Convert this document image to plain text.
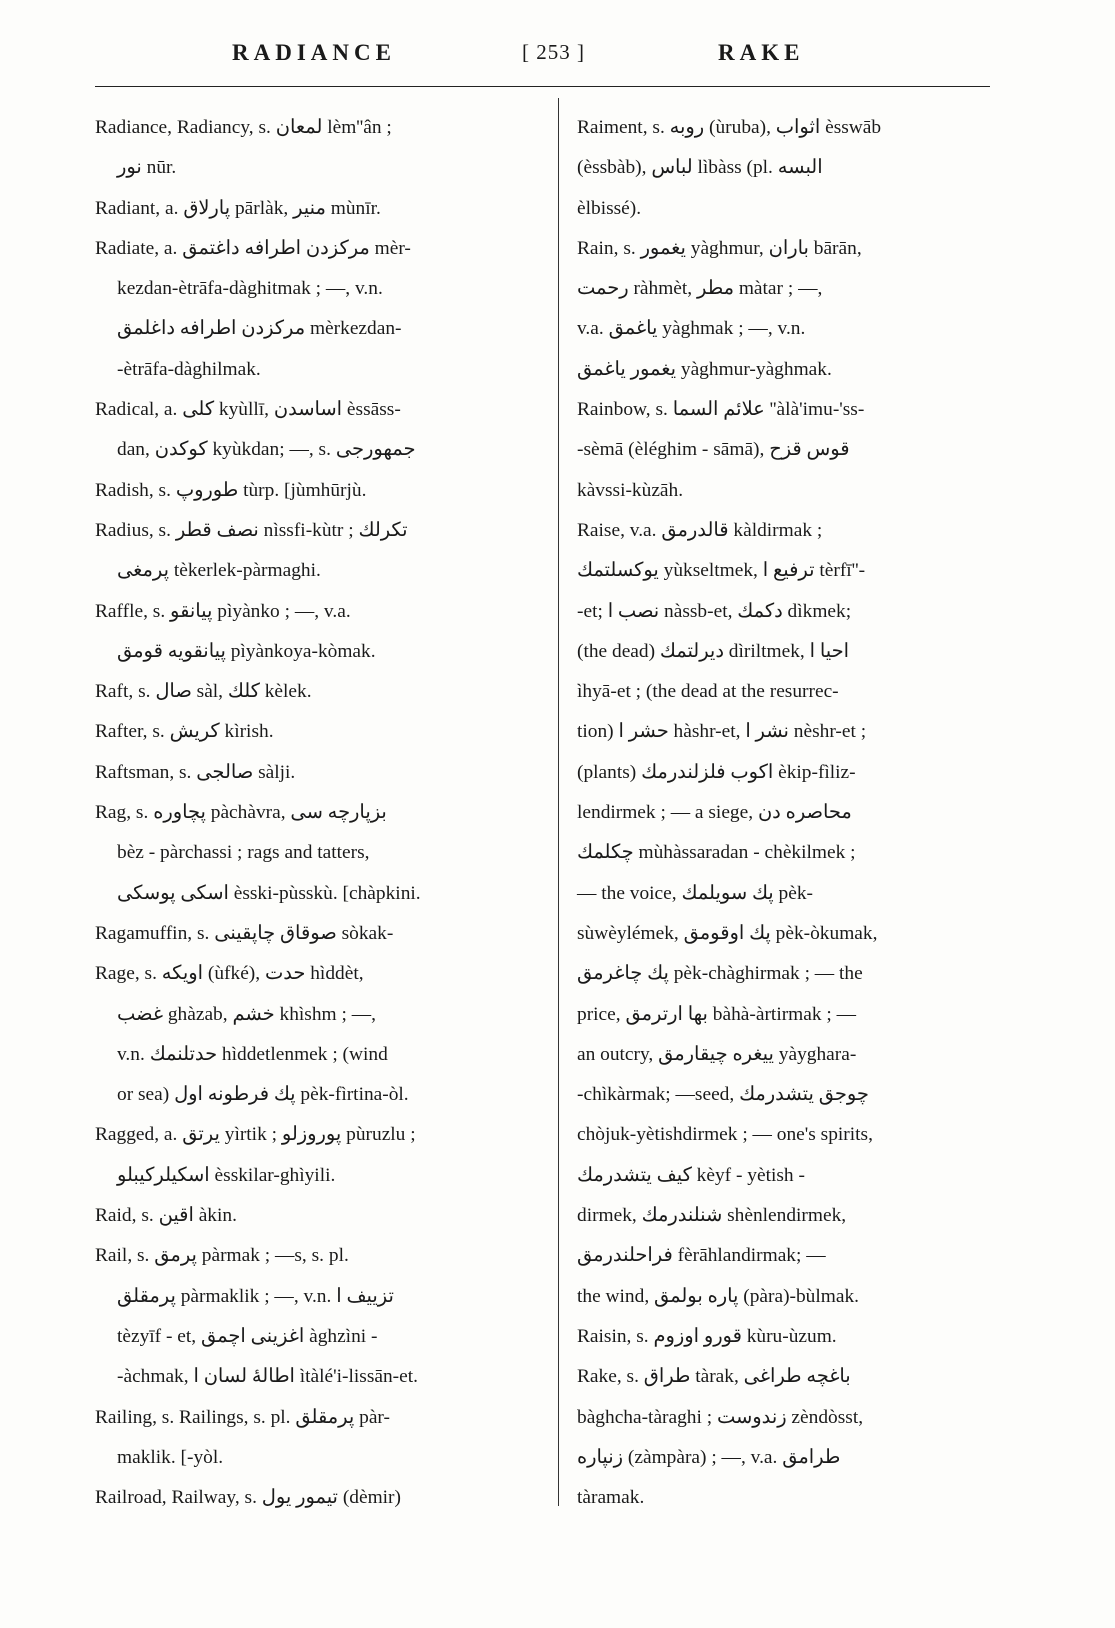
RADIANCE	[ 253 ]	RAKE
Radiance, Radiancy, s. لمعان lèm''ân ;
نور nūr.
Radiant, a. پارلاق pārlàk, منير mùnīr.
Radiate, a. مركزدن اطرافه داغتمق mèr-
kezdan-ètrāfa-dàghitmak ; —, v.n.
مركزدن اطرافه داغلمق mèrkezdan-
-ètrāfa-dàghilmak.
Radical, a. كلى kyùllī, اساسدن èssāss-
dan, كوكدن kyùkdan; —, s. جمهورجى
Radish, s. طوروپ tùrp. [jùmhūrjù.
Radius, s. نصف قطر nìssfi-kùtr ; تكرلك
پرمغى tèkerlek-pàrmaghi.
Raffle, s. پيانقو pìyànko ; —, v.a.
پيانقويه قومق pìyànkoya-kòmak.
Raft, s. صال sàl, كلك kèlek.
Rafter, s. كريش kìrish.
Raftsman, s. صالجى sàlji.
Rag, s. پچاوره pàchàvra, بزپارچه سى
bèz - pàrchassi ; rags and tatters,
اسكى پوسكى èsski-pùsskù. [chàpkini.
Ragamuffin, s. صوقاق چاپقينى sòkak-
Rage, s. اويكه (ùfké), حدت hìddèt,
غضب ghàzab, خشم khìshm ; —,
v.n. حدتلنمك hìddetlenmek ; (wind
or sea) پك فرطونه اول pèk-fìrtina-òl.
Ragged, a. يرتق yìrtik ; پوروزلو pùruzlu ;
اسكيلركيبلو èsskilar-ghìyili.
Raid, s. اقين àkin.
Rail, s. پرمق pàrmak ; —s, s. pl.
پرمقلق pàrmaklik ; —, v.n. تزييف ا
tèzyīf - et, اغزينى اچمق àghzìni -
-àchmak, اطالهٔ لسان ا ìtàlé'i-lissān-et.
Railing, s. Railings, s. pl. پرمقلق pàr-
maklik. [-yòl.
Railroad, Railway, s. تيمور يول (dèmir)
Raiment, s. روبه (ùruba), اثواب èsswāb
(èssbàb), لباس lìbàss (pl. البسه
èlbissé).
Rain, s. يغمور yàghmur, باران bārān,
رحمت ràhmèt, مطر màtar ; —,
v.a. ياغمق yàghmak ; —, v.n.
يغمور ياغمق yàghmur-yàghmak.
Rainbow, s. علائم السما ''àlà'imu-'ss-
-sèmā (èléghim - sāmā), قوس قزح
kàvssi-kùzāh.
Raise, v.a. قالدرمق kàldirmak ;
يوكسلتمك yùkseltmek, ترفيع ا tèrfī''-
-et; نصب ا nàssb-et, دكمك dìkmek;
(the dead) ديرلتمك dìriltmek, احيا ا
ìhyā-et ; (the dead at the resurrec-
tion) حشر ا hàshr-et, نشر ا nèshr-et ;
(plants) اكوب فلزلندرمك èkip-fìliz-
lendirmek ; — a siege, محاصره دن
چكلمك mùhàssaradan - chèkilmek ;
— the voice, پك سويلمك pèk-
sùwèylémek, پك اوقومق pèk-òkumak,
پك چاغرمق pèk-chàghirmak ; — the
price, بها ارترمق bàhà-àrtirmak ; —
an outcry, ييغره چيقارمق yàyghara-
-chìkàrmak; —seed, چوجق يتشدرمك
chòjuk-yètishdirmek ; — one's spirits,
كيف يتشدرمك kèyf - yètish -
dirmek, شنلندرمك shènlendirmek,
فراحلندرمق fèrāhlandirmak; —
the wind, پاره بولمق (pàra)-bùlmak.
Raisin, s. قورو اوزوم kùru-ùzum.
Rake, s. طراق tàrak, باغچه طراغى
bàghcha-tàraghi ; زندوست zèndòsst,
زنپاره (zàmpàra) ; —, v.a. طرامق
tàramak.
